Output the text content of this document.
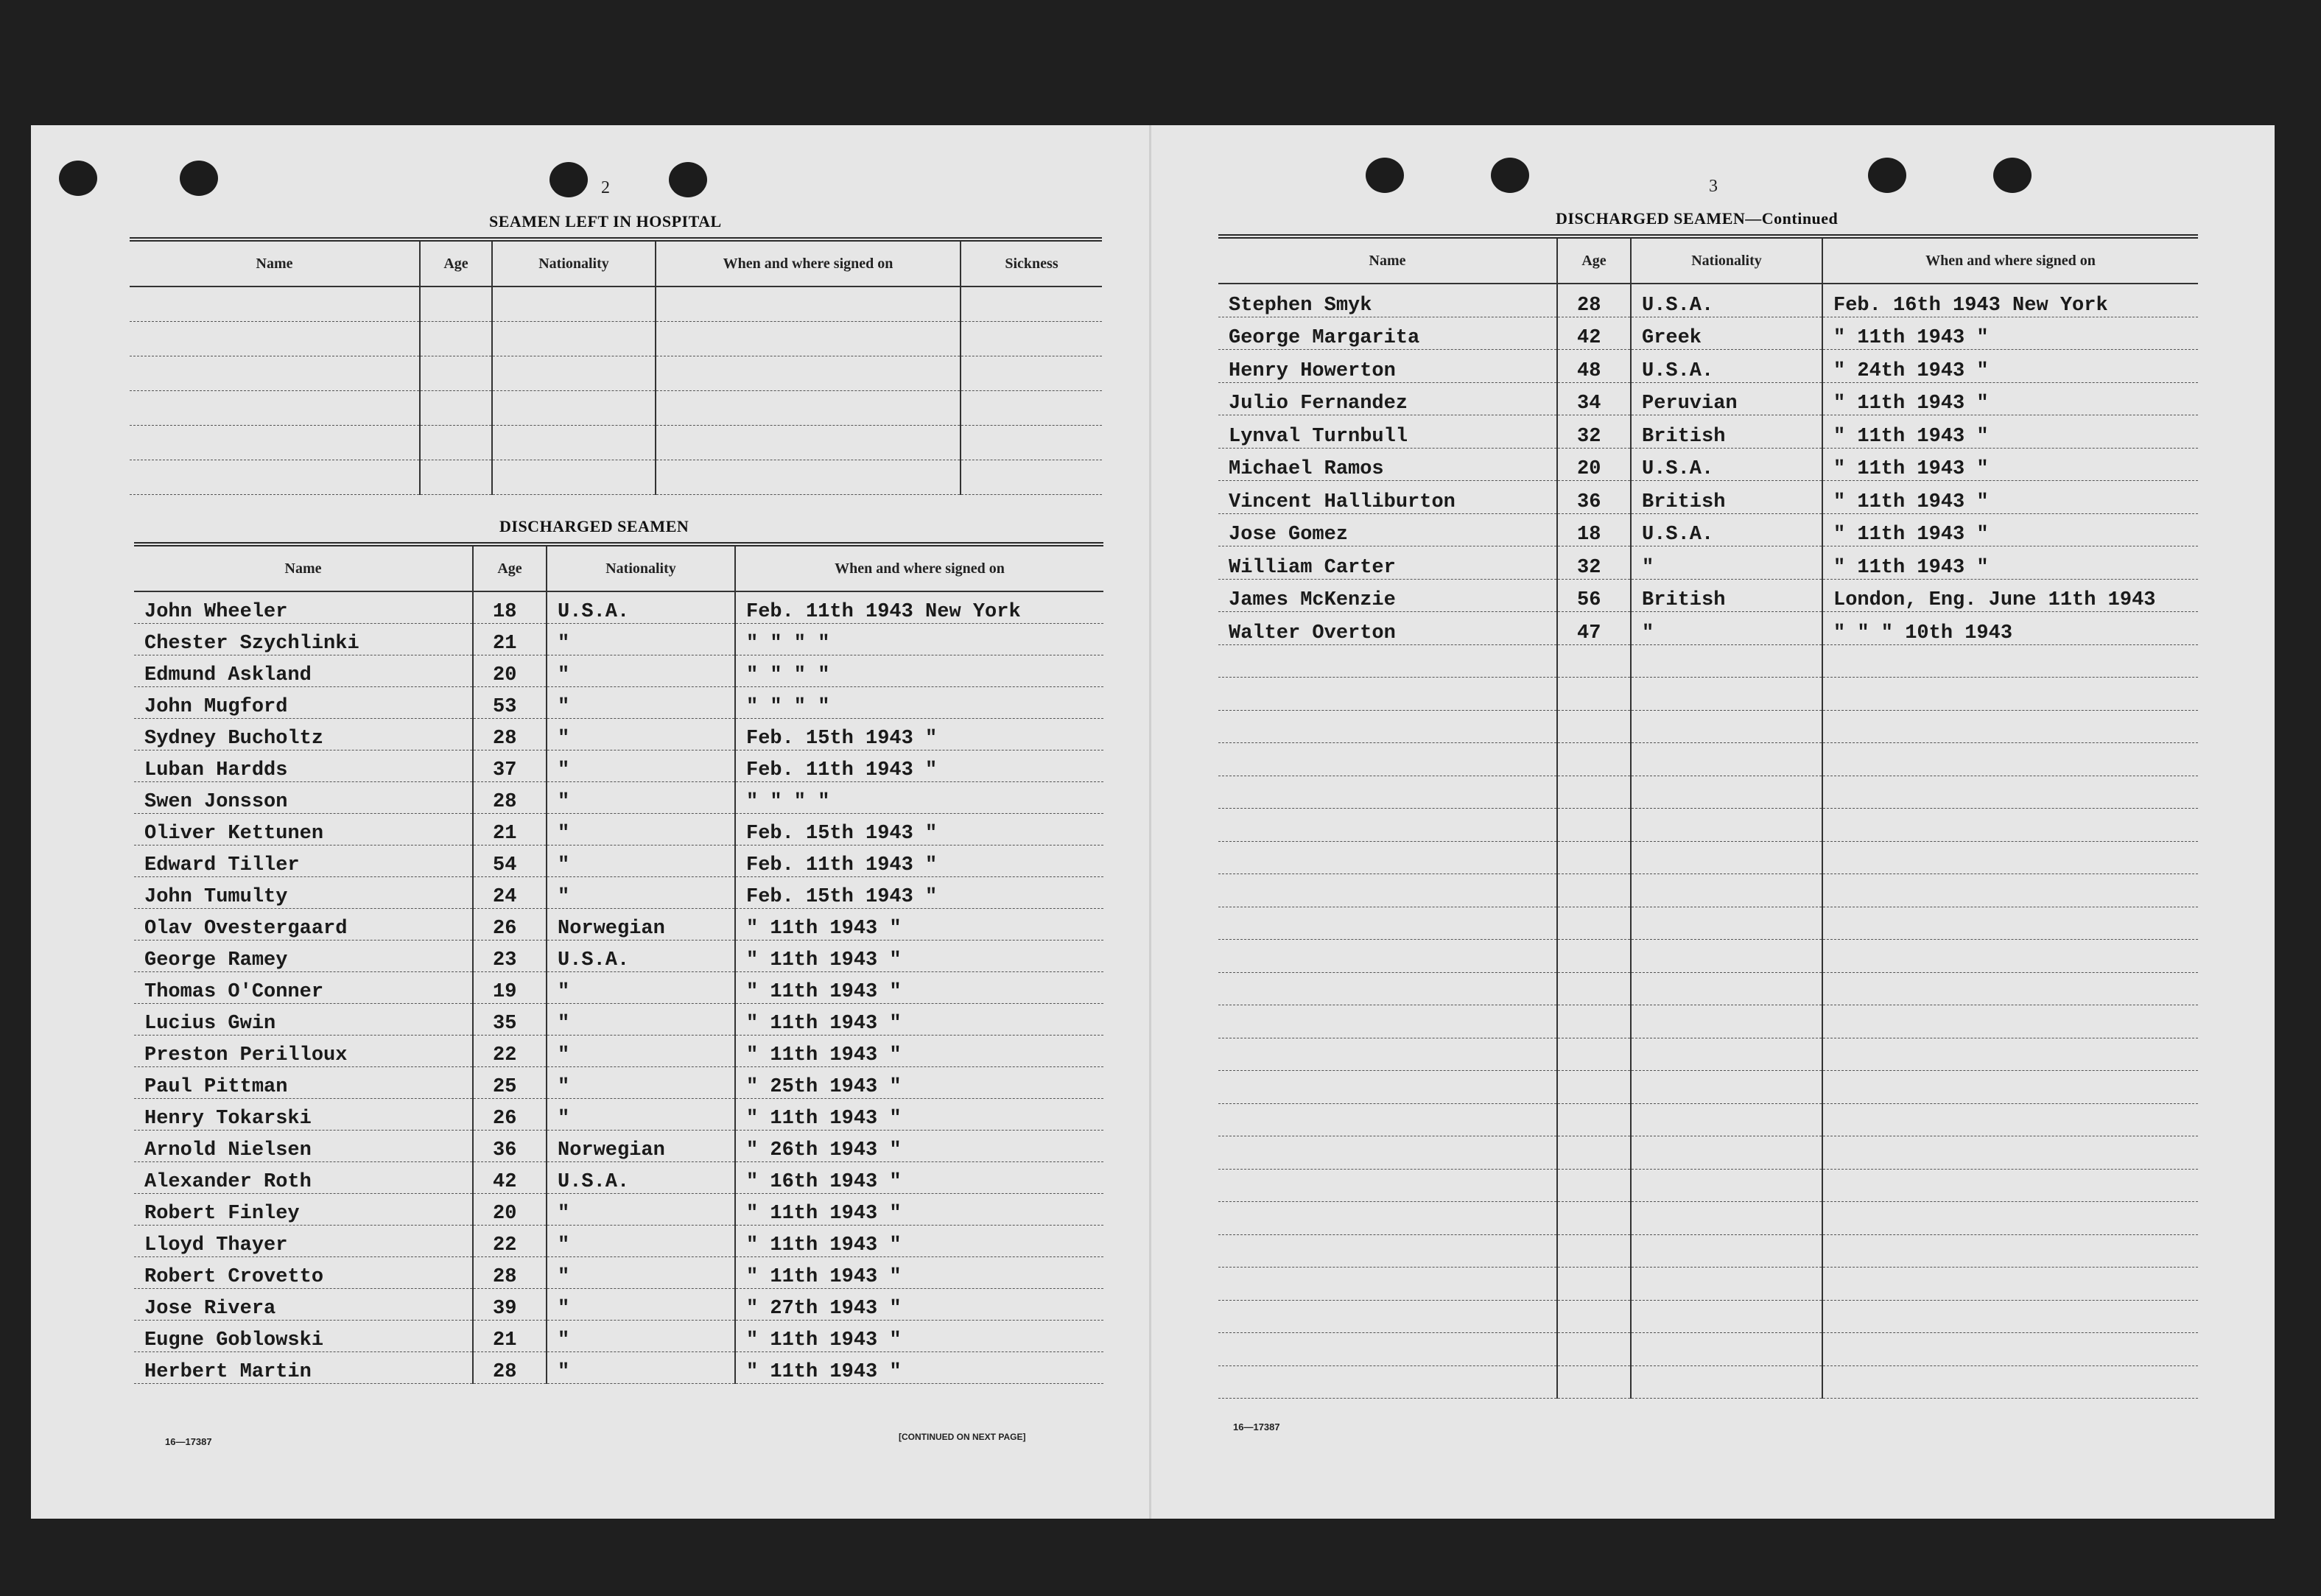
2
SEAMEN LEFT IN HOSPITAL
Name	Age	Nationality	When and where signed on	Sickness

DISCHARGED SEAMEN
Name	Age	Nationality	When and where signed on
John Wheeler	18	U.S.A.	Feb. 11th 1943 New York
Chester Szychlinki	21	"	" " " "
Edmund Askland	20	"	" " " "
John Mugford	53	"	" " " "
Sydney Bucholtz	28	"	Feb. 15th 1943 "
Luban Hardds	37	"	Feb. 11th 1943 "
Swen Jonsson	28	"	" " " "
Oliver Kettunen	21	"	Feb. 15th 1943 "
Edward Tiller	54	"	Feb. 11th 1943 "
John Tumulty	24	"	Feb. 15th 1943 "
Olav Ovestergaard	26	Norwegian	" 11th 1943 "
George Ramey	23	U.S.A.	" 11th 1943 "
Thomas O'Conner	19	"	" 11th 1943 "
Lucius Gwin	35	"	" 11th 1943 "
Preston Perilloux	22	"	" 11th 1943 "
Paul Pittman	25	"	" 25th 1943 "
Henry Tokarski	26	"	" 11th 1943 "
Arnold Nielsen	36	Norwegian	" 26th 1943 "
Alexander Roth	42	U.S.A.	" 16th 1943 "
Robert Finley	20	"	" 11th 1943 "
Lloyd Thayer	22	"	" 11th 1943 "
Robert Crovetto	28	"	" 11th 1943 "
Jose Rivera	39	"	" 27th 1943 "
Eugne Goblowski	21	"	" 11th 1943 "
Herbert Martin	28	"	" 11th 1943 "
16—17387	[CONTINUED ON NEXT PAGE]
3
DISCHARGED SEAMEN—Continued
Name	Age	Nationality	When and where signed on
Stephen Smyk	28	U.S.A.	Feb. 16th 1943 New York
George Margarita	42	Greek	" 11th 1943 "
Henry Howerton	48	U.S.A.	" 24th 1943 "
Julio Fernandez	34	Peruvian	" 11th 1943 "
Lynval Turnbull	32	British	" 11th 1943 "
Michael Ramos	20	U.S.A.	" 11th 1943 "
Vincent Halliburton	36	British	" 11th 1943 "
Jose Gomez	18	U.S.A.	" 11th 1943 "
William Carter	32	"	" 11th 1943 "
James McKenzie	56	British	London, Eng. June 11th 1943
Walter Overton	47	"	" " " 10th 1943

16—17387
